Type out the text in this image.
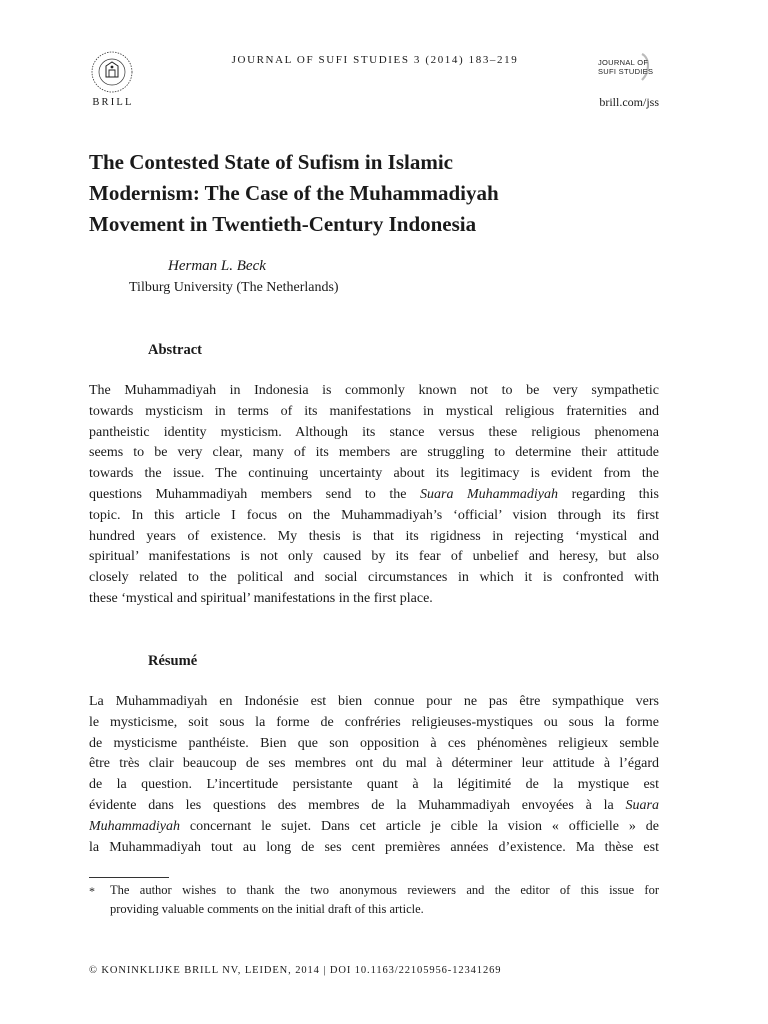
BRILL
JOURNAL OF SUFI STUDIES 3 (2014) 183–219	JOURNAL OF
SUFI STUDIES
brill.com/jss
The Contested State of Sufism in Islamic
Modernism: The Case of the Muhammadiyah
Movement in Twentieth-Century Indonesia
Herman L. Beck
Tilburg University (The Netherlands)
Abstract
The Muhammadiyah in Indonesia is commonly known not to be very sympathetic
towards mysticism in terms of its manifestations in mystical religious fraternities and
pantheistic identity mysticism. Although its stance versus these religious phenomena
seems to be very clear, many of its members are struggling to determine their attitude
towards the issue. The continuing uncertainty about its legitimacy is evident from the
questions Muhammadiyah members send to the Suara Muhammadiyah regarding this
topic. In this article I focus on the Muhammadiyah’s ‘official’ vision through its first
hundred years of existence. My thesis is that its rigidness in rejecting ‘mystical and
spiritual’ manifestations is not only caused by its fear of unbelief and heresy, but also
closely related to the political and social circumstances in which it is confronted with
these ‘mystical and spiritual’ manifestations in the first place.
Résumé
La Muhammadiyah en Indonésie est bien connue pour ne pas être sympathique vers
le mysticisme, soit sous la forme de confréries religieuses-mystiques ou sous la forme
de mysticisme panthéiste. Bien que son opposition à ces phénomènes religieux semble
être très clair beaucoup de ses membres ont du mal à déterminer leur attitude à l’égard
de la question. L’incertitude persistante quant à la légitimité de la mystique est
évidente dans les questions des membres de la Muhammadiyah envoyées à la Suara
Muhammadiyah concernant le sujet. Dans cet article je cible la vision « officielle » de
la Muhammadiyah tout au long de ses cent premières années d’existence. Ma thèse est
* The author wishes to thank the two anonymous reviewers and the editor of this issue for
providing valuable comments on the initial draft of this article.
© KONINKLIJKE BRILL NV, LEIDEN, 2014 | DOI 10.1163/22105956-12341269
